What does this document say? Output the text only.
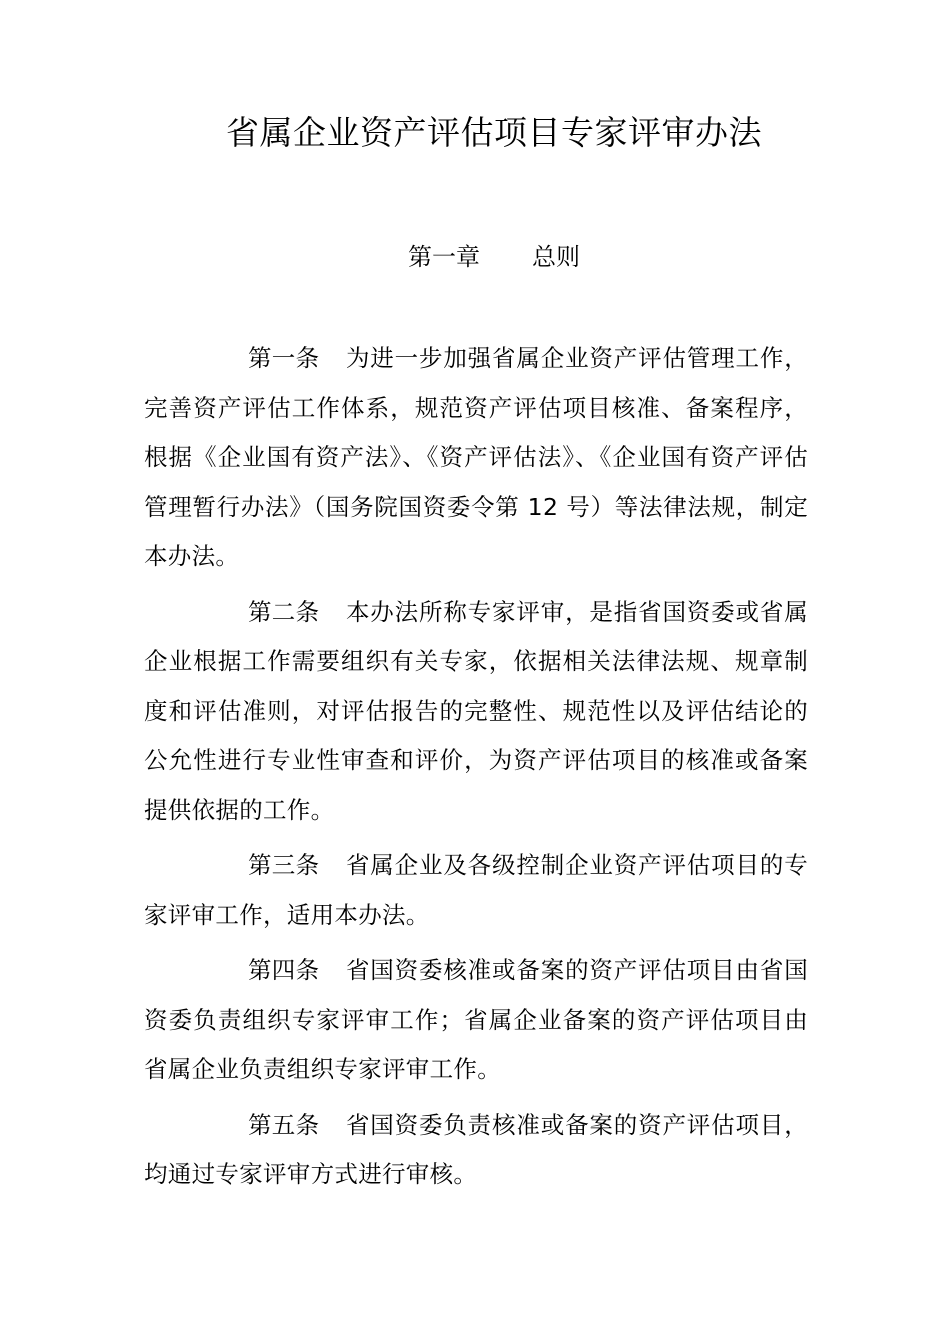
省属企业资产评估项目专家评审办法
第一章 总则

第一条 为进一步加强省属企业资产评估管理工作，完善资产评估工作体系，规范资产评估项目核准、备案程序，根据《企业国有资产法》、《资产评估法》、《企业国有资产评估管理暂行办法》（国务院国资委令第 12 号）等法律法规，制定本办法。

第二条 本办法所称专家评审，是指省国资委或省属企业根据工作需要组织有关专家，依据相关法律法规、规章制度和评估准则，对评估报告的完整性、规范性以及评估结论的公允性进行专业性审查和评价，为资产评估项目的核准或备案提供依据的工作。

第三条 省属企业及各级控制企业资产评估项目的专家评审工作，适用本办法。

第四条 省国资委核准或备案的资产评估项目由省国资委负责组织专家评审工作；省属企业备案的资产评估项目由省属企业负责组织专家评审工作。

第五条 省国资委负责核准或备案的资产评估项目，均通过专家评审方式进行审核。
